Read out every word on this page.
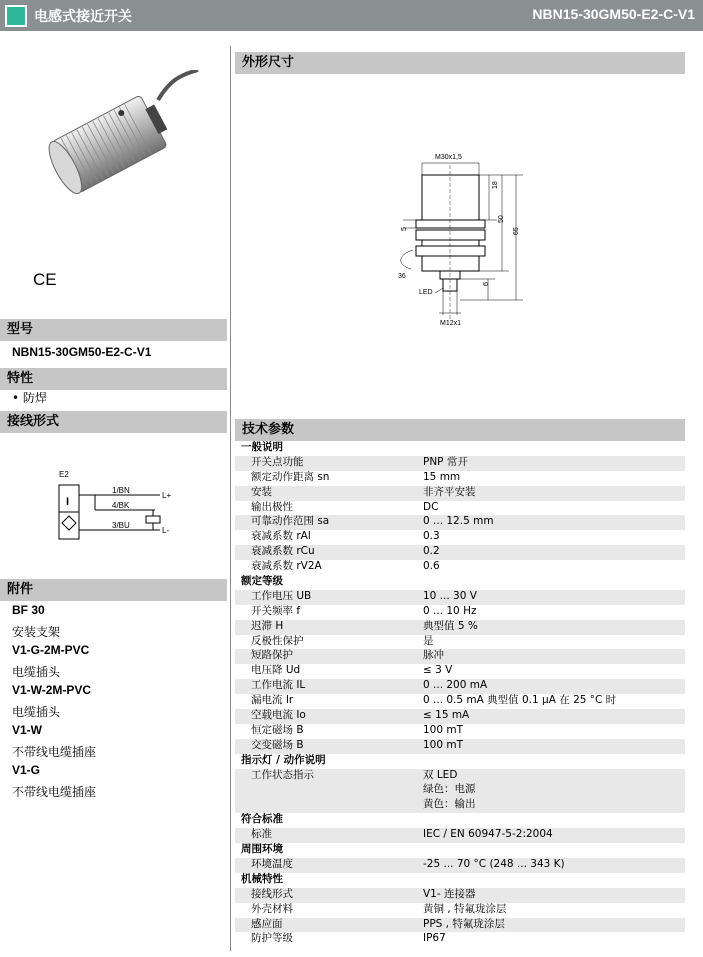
电感式接近开关	NBN15-30GM50-E2-C-V1
CE
型号
NBN15-30GM50-E2-C-V1
特性
• 防焊
接线形式
E2
I
1/BN
4/BK
3/BU
L+
L-
附件
BF 30
安装支架
V1-G-2M-PVC
电缆插头
V1-W-2M-PVC
电缆插头
V1-W
不带线电缆插座
V1-G
不带线电缆插座
外形尺寸
M30x1,5
18
50
65
6
5
36
LED
M12x1
技术参数
一般说明	
开关点功能	PNP 常开
额定动作距离 sn	15 mm
安装	非齐平安装
输出极性	DC
可靠动作范围 sa	0 ... 12.5 mm
衰减系数 rAl	0.3
衰减系数 rCu	0.2
衰减系数 rV2A	0.6
额定等级	
工作电压 UB	10 ... 30 V
开关频率 f	0 ... 10 Hz
迟滞 H	典型值 5 %
反极性保护	是
短路保护	脉冲
电压降 Ud	≤ 3 V
工作电流 IL	0 ... 200 mA
漏电流 Ir	0 ... 0.5 mA 典型值 0.1 µA 在 25 °C 时
空载电流 Io	≤ 15 mA
恒定磁场 B	100 mT
交变磁场 B	100 mT
指示灯 / 动作说明	
工作状态指示	双 LED
	绿色：电源
	黄色：输出
符合标准	
标准	IEC / EN 60947-5-2:2004
周围环境	
环境温度	-25 ... 70 °C (248 ... 343 K)
机械特性	
接线形式	V1- 连接器
外壳材料	黄铜 , 特氟珑涂层
感应面	PPS , 特氟珑涂层
防护等级	IP67
